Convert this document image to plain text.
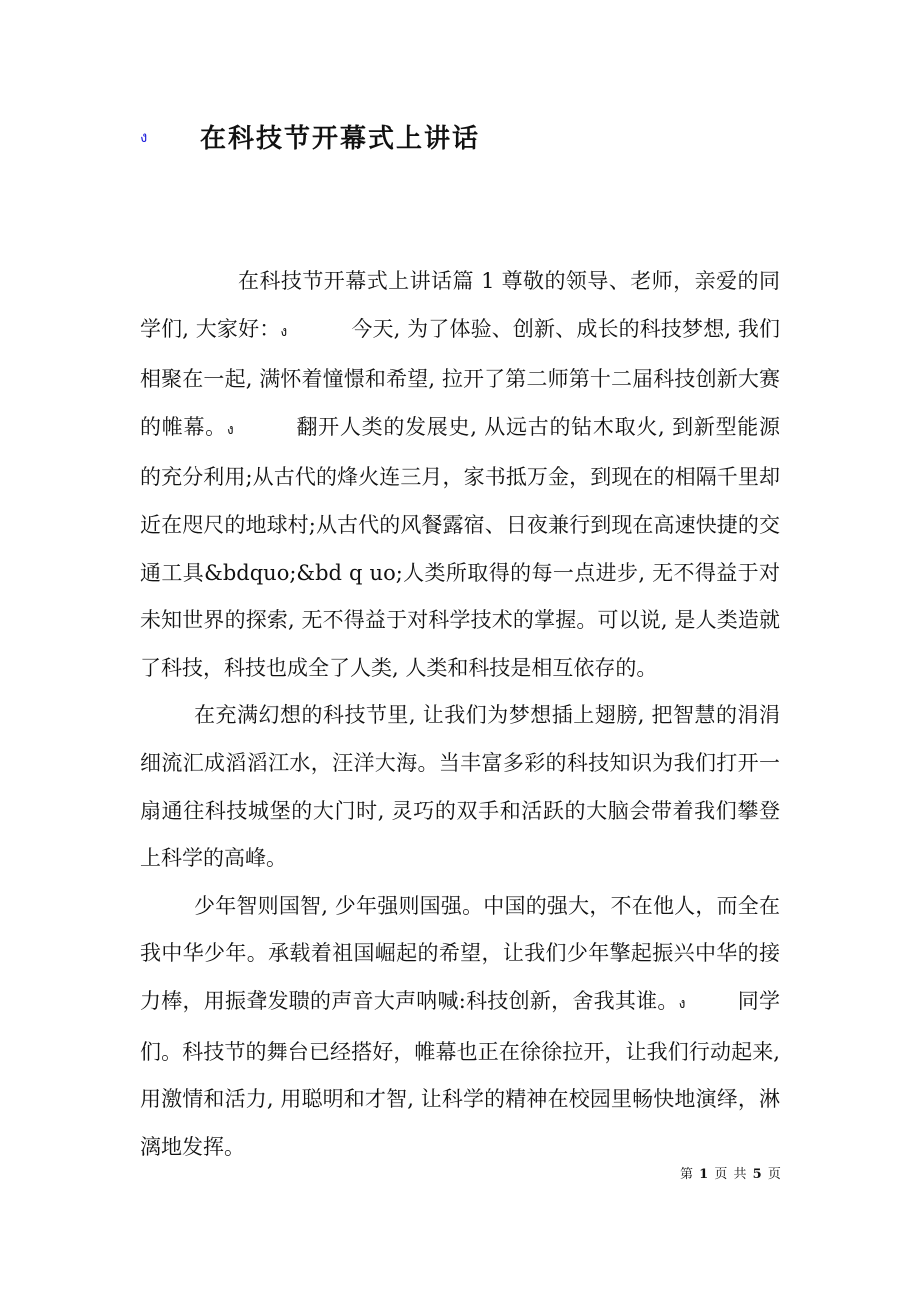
ง 在科技节开幕式上讲话

在科技节开幕式上讲话篇 1 尊敬的领导、老师，亲爱的同学们, 大家好：ง	今天, 为了体验、创新、成长的科技梦想, 我们相聚在一起, 满怀着憧憬和希望, 拉开了第二师第十二届科技创新大赛的帷幕。ง	翻开人类的发展史, 从远古的钻木取火, 到新型能源的充分利用;从古代的烽火连三月，家书抵万金，到现在的相隔千里却近在咫尺的地球村;从古代的风餐露宿、日夜兼行到现在高速快捷的交通工具&bdquo;&bd q uo;人类所取得的每一点进步, 无不得益于对未知世界的探索, 无不得益于对科学技术的掌握。可以说, 是人类造就了科技，科技也成全了人类, 人类和科技是相互依存的。

在充满幻想的科技节里, 让我们为梦想插上翅膀, 把智慧的涓涓细流汇成滔滔江水，汪洋大海。当丰富多彩的科技知识为我们打开一扇通往科技城堡的大门时, 灵巧的双手和活跃的大脑会带着我们攀登上科学的高峰。

少年智则国智, 少年强则国强。中国的强大，不在他人，而全在我中华少年。承载着祖国崛起的希望，让我们少年擎起振兴中华的接力棒，用振聋发聩的声音大声呐喊:科技创新，舍我其谁。ง 同学们。科技节的舞台已经搭好，帷幕也正在徐徐拉开，让我们行动起来, 用激情和活力, 用聪明和才智, 让科学的精神在校园里畅快地演绎，淋漓地发挥。

第 1 页 共 5 页
